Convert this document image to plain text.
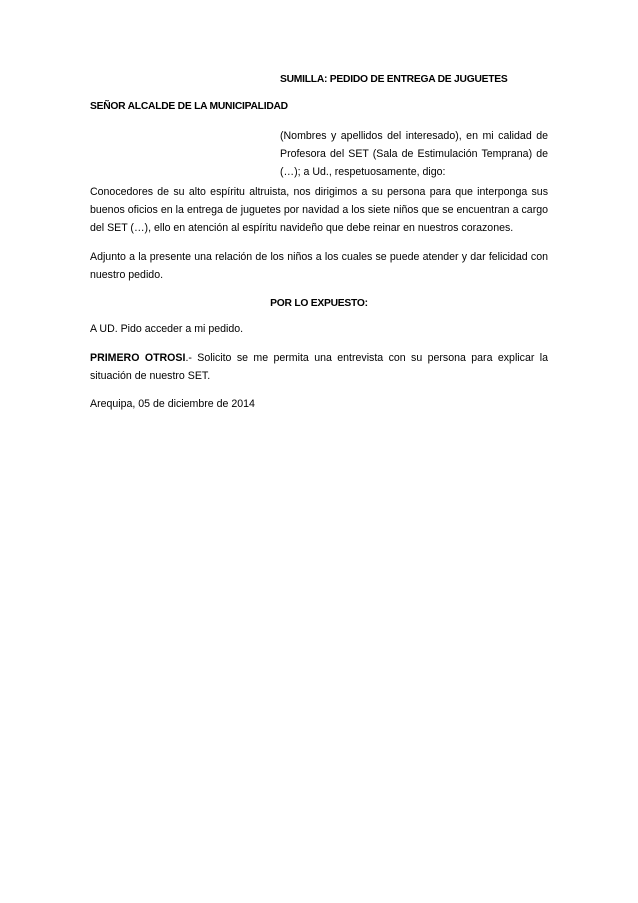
SUMILLA: PEDIDO DE ENTREGA DE JUGUETES

SEÑOR ALCALDE DE LA MUNICIPALIDAD

(Nombres y apellidos del interesado), en mi calidad de Profesora del SET (Sala de Estimulación Temprana) de (…); a Ud., respetuosamente, digo:

Conocedores de su alto espíritu altruista, nos dirigimos a su persona para que interponga sus buenos oficios en la entrega de juguetes por navidad a los siete niños que se encuentran a cargo del SET (…), ello en atención al espíritu navideño que debe reinar en nuestros corazones.

Adjunto a la presente una relación de los niños a los cuales se puede atender y dar felicidad con nuestro pedido.

POR LO EXPUESTO:

A UD. Pido acceder a mi pedido.

PRIMERO OTROSI.- Solicito se me permita una entrevista con su persona para explicar la situación de nuestro SET.

Arequipa, 05 de diciembre de 2014
